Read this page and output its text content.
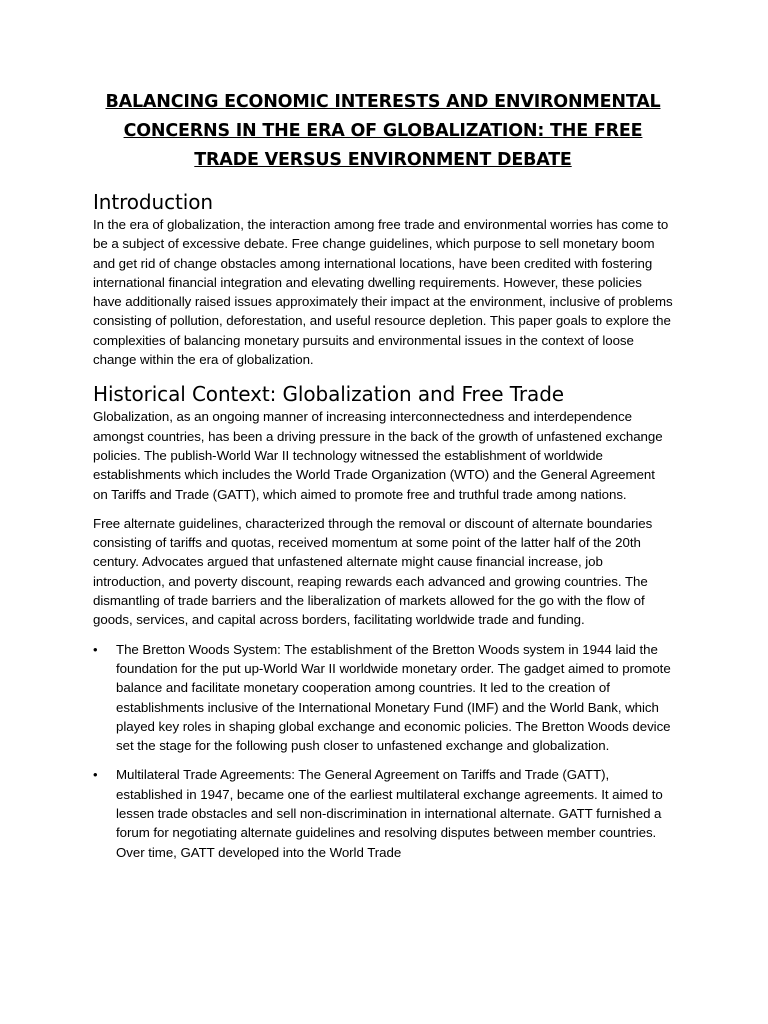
BALANCING ECONOMIC INTERESTS AND ENVIRONMENTAL CONCERNS IN THE ERA OF GLOBALIZATION: THE FREE TRADE VERSUS ENVIRONMENT DEBATE
Introduction

In the era of globalization, the interaction among free trade and environmental worries has come to be a subject of excessive debate. Free change guidelines, which purpose to sell monetary boom and get rid of change obstacles among international locations, have been credited with fostering international financial integration and elevating dwelling requirements. However, these policies have additionally raised issues approximately their impact at the environment, inclusive of problems consisting of pollution, deforestation, and useful resource depletion. This paper goals to explore the complexities of balancing monetary pursuits and environmental issues in the context of loose change within the era of globalization.

Historical Context: Globalization and Free Trade

Globalization, as an ongoing manner of increasing interconnectedness and interdependence amongst countries, has been a driving pressure in the back of the growth of unfastened exchange policies. The publish-World War II technology witnessed the establishment of worldwide establishments which includes the World Trade Organization (WTO) and the General Agreement on Tariffs and Trade (GATT), which aimed to promote free and truthful trade among nations.

Free alternate guidelines, characterized through the removal or discount of alternate boundaries consisting of tariffs and quotas, received momentum at some point of the latter half of the 20th century. Advocates argued that unfastened alternate might cause financial increase, job introduction, and poverty discount, reaping rewards each advanced and growing countries. The dismantling of trade barriers and the liberalization of markets allowed for the go with the flow of goods, services, and capital across borders, facilitating worldwide trade and funding.

• The Bretton Woods System: The establishment of the Bretton Woods system in 1944 laid the foundation for the put up-World War II worldwide monetary order. The gadget aimed to promote balance and facilitate monetary cooperation among countries. It led to the creation of establishments inclusive of the International Monetary Fund (IMF) and the World Bank, which played key roles in shaping global exchange and economic policies. The Bretton Woods device set the stage for the following push closer to unfastened exchange and globalization.
• Multilateral Trade Agreements: The General Agreement on Tariffs and Trade (GATT), established in 1947, became one of the earliest multilateral exchange agreements. It aimed to lessen trade obstacles and sell non-discrimination in international alternate. GATT furnished a forum for negotiating alternate guidelines and resolving disputes between member countries. Over time, GATT developed into the World Trade
